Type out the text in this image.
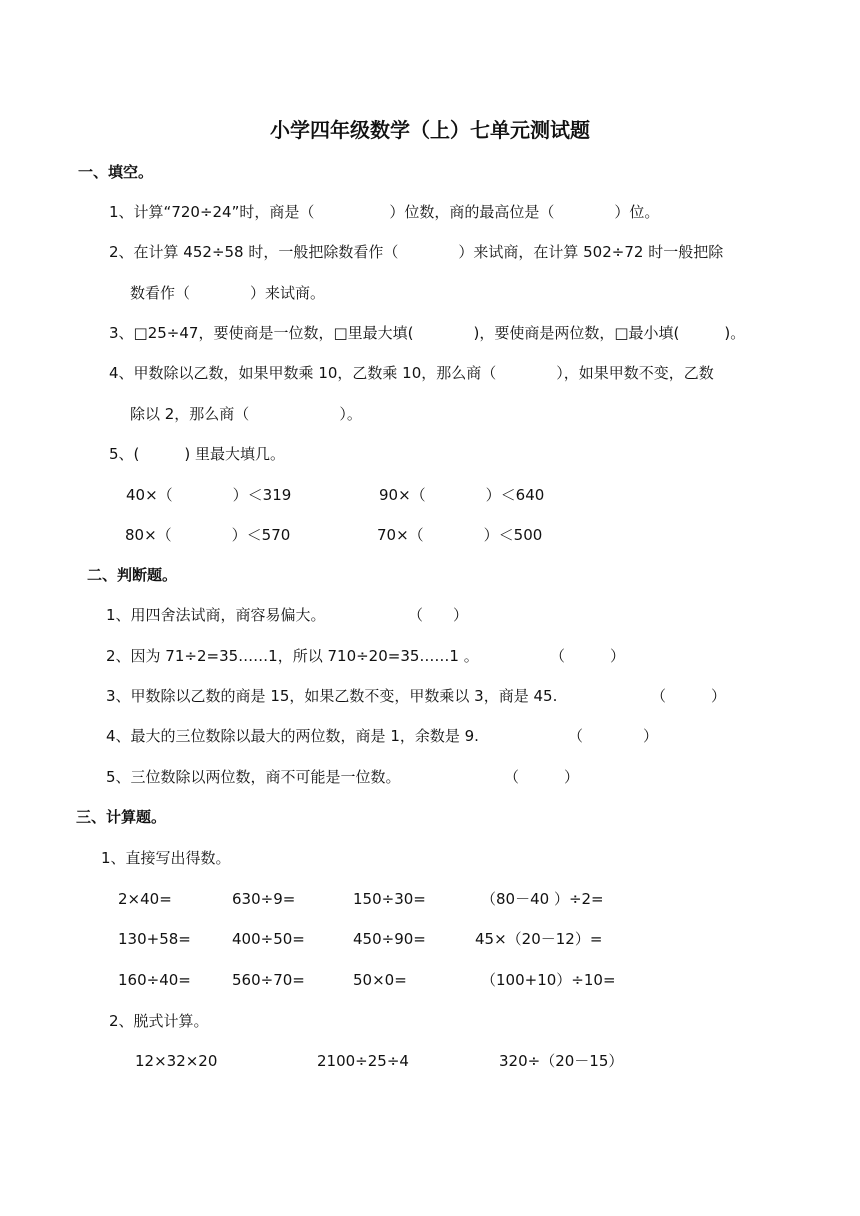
小学四年级数学（上）七单元测试题
一、填空。
1、计算“720÷24”时，商是（　　　　　）位数，商的最高位是（　　　　）位。
2、在计算 452÷58 时，一般把除数看作（　　　　）来试商，在计算 502÷72 时一般把除
数看作（　　　　）来试商。
3、□25÷47，要使商是一位数，□里最大填(　　　　)，要使商是两位数，□最小填(　　　)。
4、甲数除以乙数，如果甲数乘 10，乙数乘 10，那么商（　　　　），如果甲数不变，乙数
除以 2，那么商（　　　　　　）。
5、(　　　) 里最大填几。
40×（　　　　）＜319	90×（　　　　）＜640
80×（　　　　）＜570	70×（　　　　）＜500
二、判断题。
1、用四舍法试商，商容易偏大。	（　　）
2、因为 71÷2=35……1，所以 710÷20=35……1 。	（　　　）
3、甲数除以乙数的商是 15，如果乙数不变，甲数乘以 3，商是 45.	（　　　）
4、最大的三位数除以最大的两位数，商是 1，余数是 9.	（　　　　）
5、三位数除以两位数，商不可能是一位数。	（　　　）
三、计算题。
1、直接写出得数。
2×40=	630÷9=	150÷30=	（80－40 ）÷2=
130+58=	400÷50=	450÷90=	45×（20－12）=
160÷40=	560÷70=	50×0=	（100+10）÷10=
2、脱式计算。
12×32×20	2100÷25÷4	320÷（20－15）
